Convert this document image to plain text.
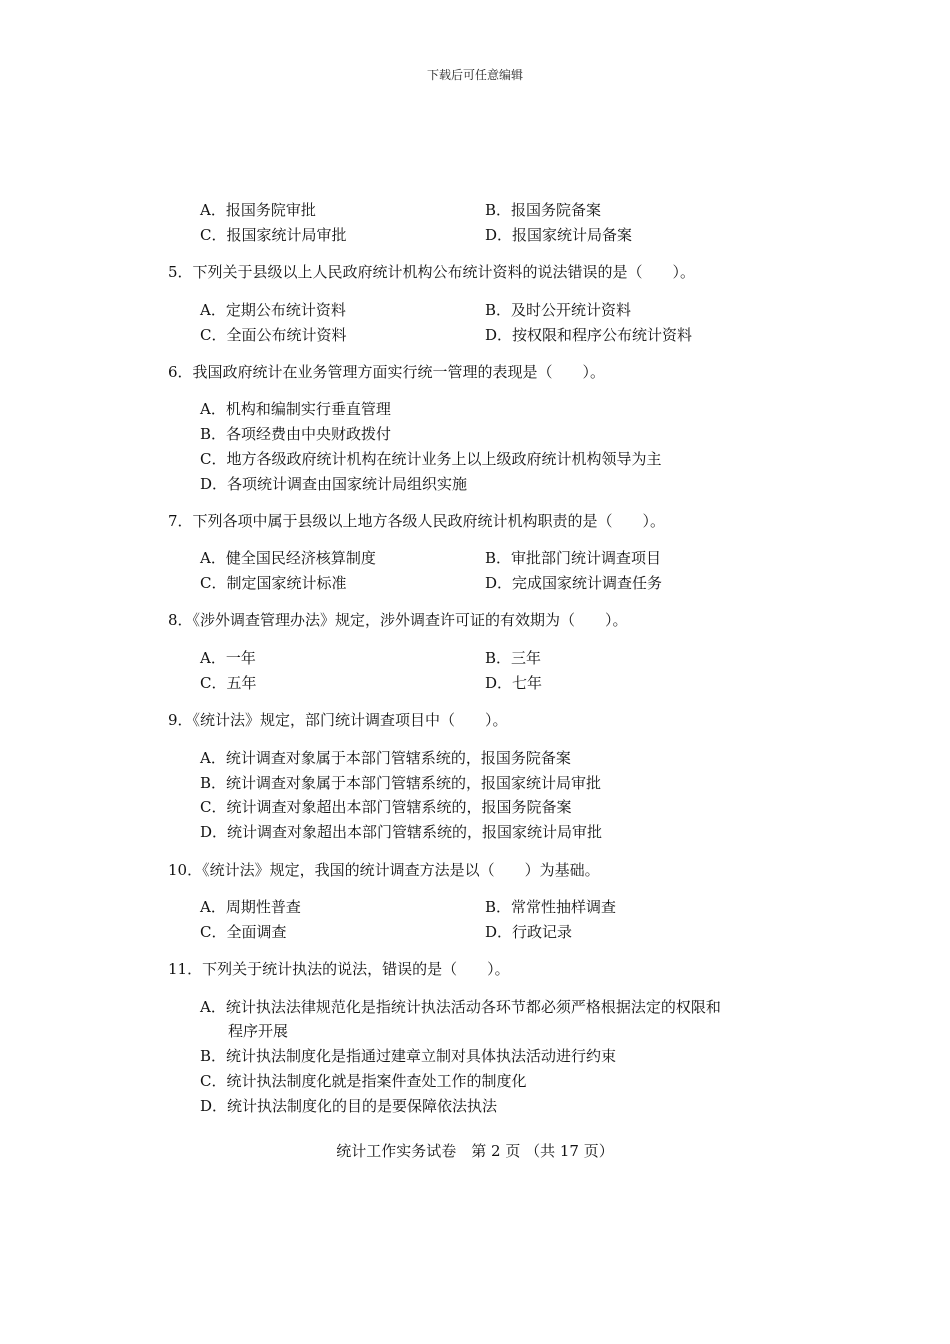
下载后可任意编辑
A．报国务院审批	B．报国务院备案
C．报国家统计局审批	D．报国家统计局备案
5．下列关于县级以上人民政府统计机构公布统计资料的说法错误的是（　　）。
A．定期公布统计资料	B．及时公开统计资料
C．全面公布统计资料	D．按权限和程序公布统计资料
6．我国政府统计在业务管理方面实行统一管理的表现是（　　）。
A．机构和编制实行垂直管理
B．各项经费由中央财政拨付
C．地方各级政府统计机构在统计业务上以上级政府统计机构领导为主
D．各项统计调查由国家统计局组织实施
7．下列各项中属于县级以上地方各级人民政府统计机构职责的是（　　）。
A．健全国民经济核算制度	B．审批部门统计调查项目
C．制定国家统计标准	D．完成国家统计调查任务
8．《涉外调查管理办法》规定，涉外调查许可证的有效期为（　　）。
A．一年	B．三年
C．五年	D．七年
9．《统计法》规定，部门统计调查项目中（　　）。
A．统计调查对象属于本部门管辖系统的，报国务院备案
B．统计调查对象属于本部门管辖系统的，报国家统计局审批
C．统计调查对象超出本部门管辖系统的，报国务院备案
D．统计调查对象超出本部门管辖系统的，报国家统计局审批
10．《统计法》规定，我国的统计调查方法是以（　　）为基础。
A．周期性普查	B．常常性抽样调查
C．全面调查	D．行政记录
11．下列关于统计执法的说法，错误的是（　　）。
A．统计执法法律规范化是指统计执法活动各环节都必须严格根据法定的权限和
程序开展
B．统计执法制度化是指通过建章立制对具体执法活动进行约束
C．统计执法制度化就是指案件查处工作的制度化
D．统计执法制度化的目的是要保障依法执法
统计工作实务试卷　第 2 页 （共 17 页）
